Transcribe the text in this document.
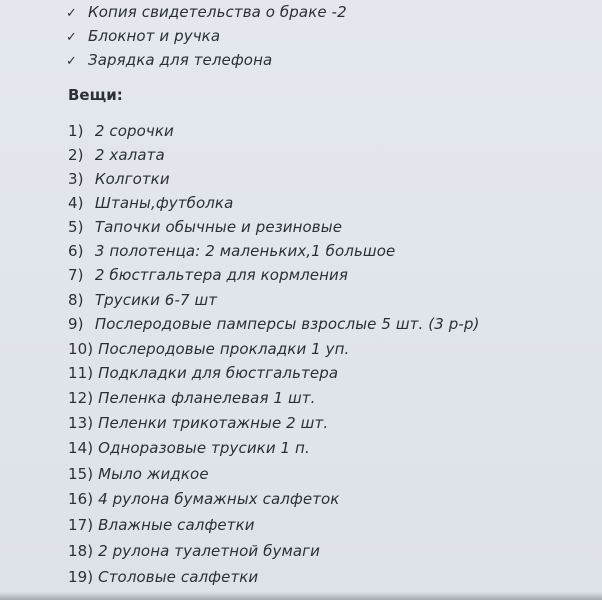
✓ Копия свидетельства о браке -2
✓ Блокнот и ручка
✓ Зарядка для телефона
Вещи:
1) 2 сорочки
2) 2 халата
3) Колготки
4) Штаны,футболка
5) Тапочки обычные и резиновые
6) 3 полотенца: 2 маленьких,1 большое
7) 2 бюстгальтера для кормления
8) Трусики 6-7 шт
9) Послеродовые памперсы взрослые 5 шт. (3 р-р)
10) Послеродовые прокладки 1 уп.
11) Подкладки для бюстгальтера
12) Пеленка фланелевая 1 шт.
13) Пеленки трикотажные 2 шт.
14) Одноразовые трусики 1 п.
15) Мыло жидкое
16) 4 рулона бумажных салфеток
17) Влажные салфетки
18) 2 рулона туалетной бумаги
19) Столовые салфетки
